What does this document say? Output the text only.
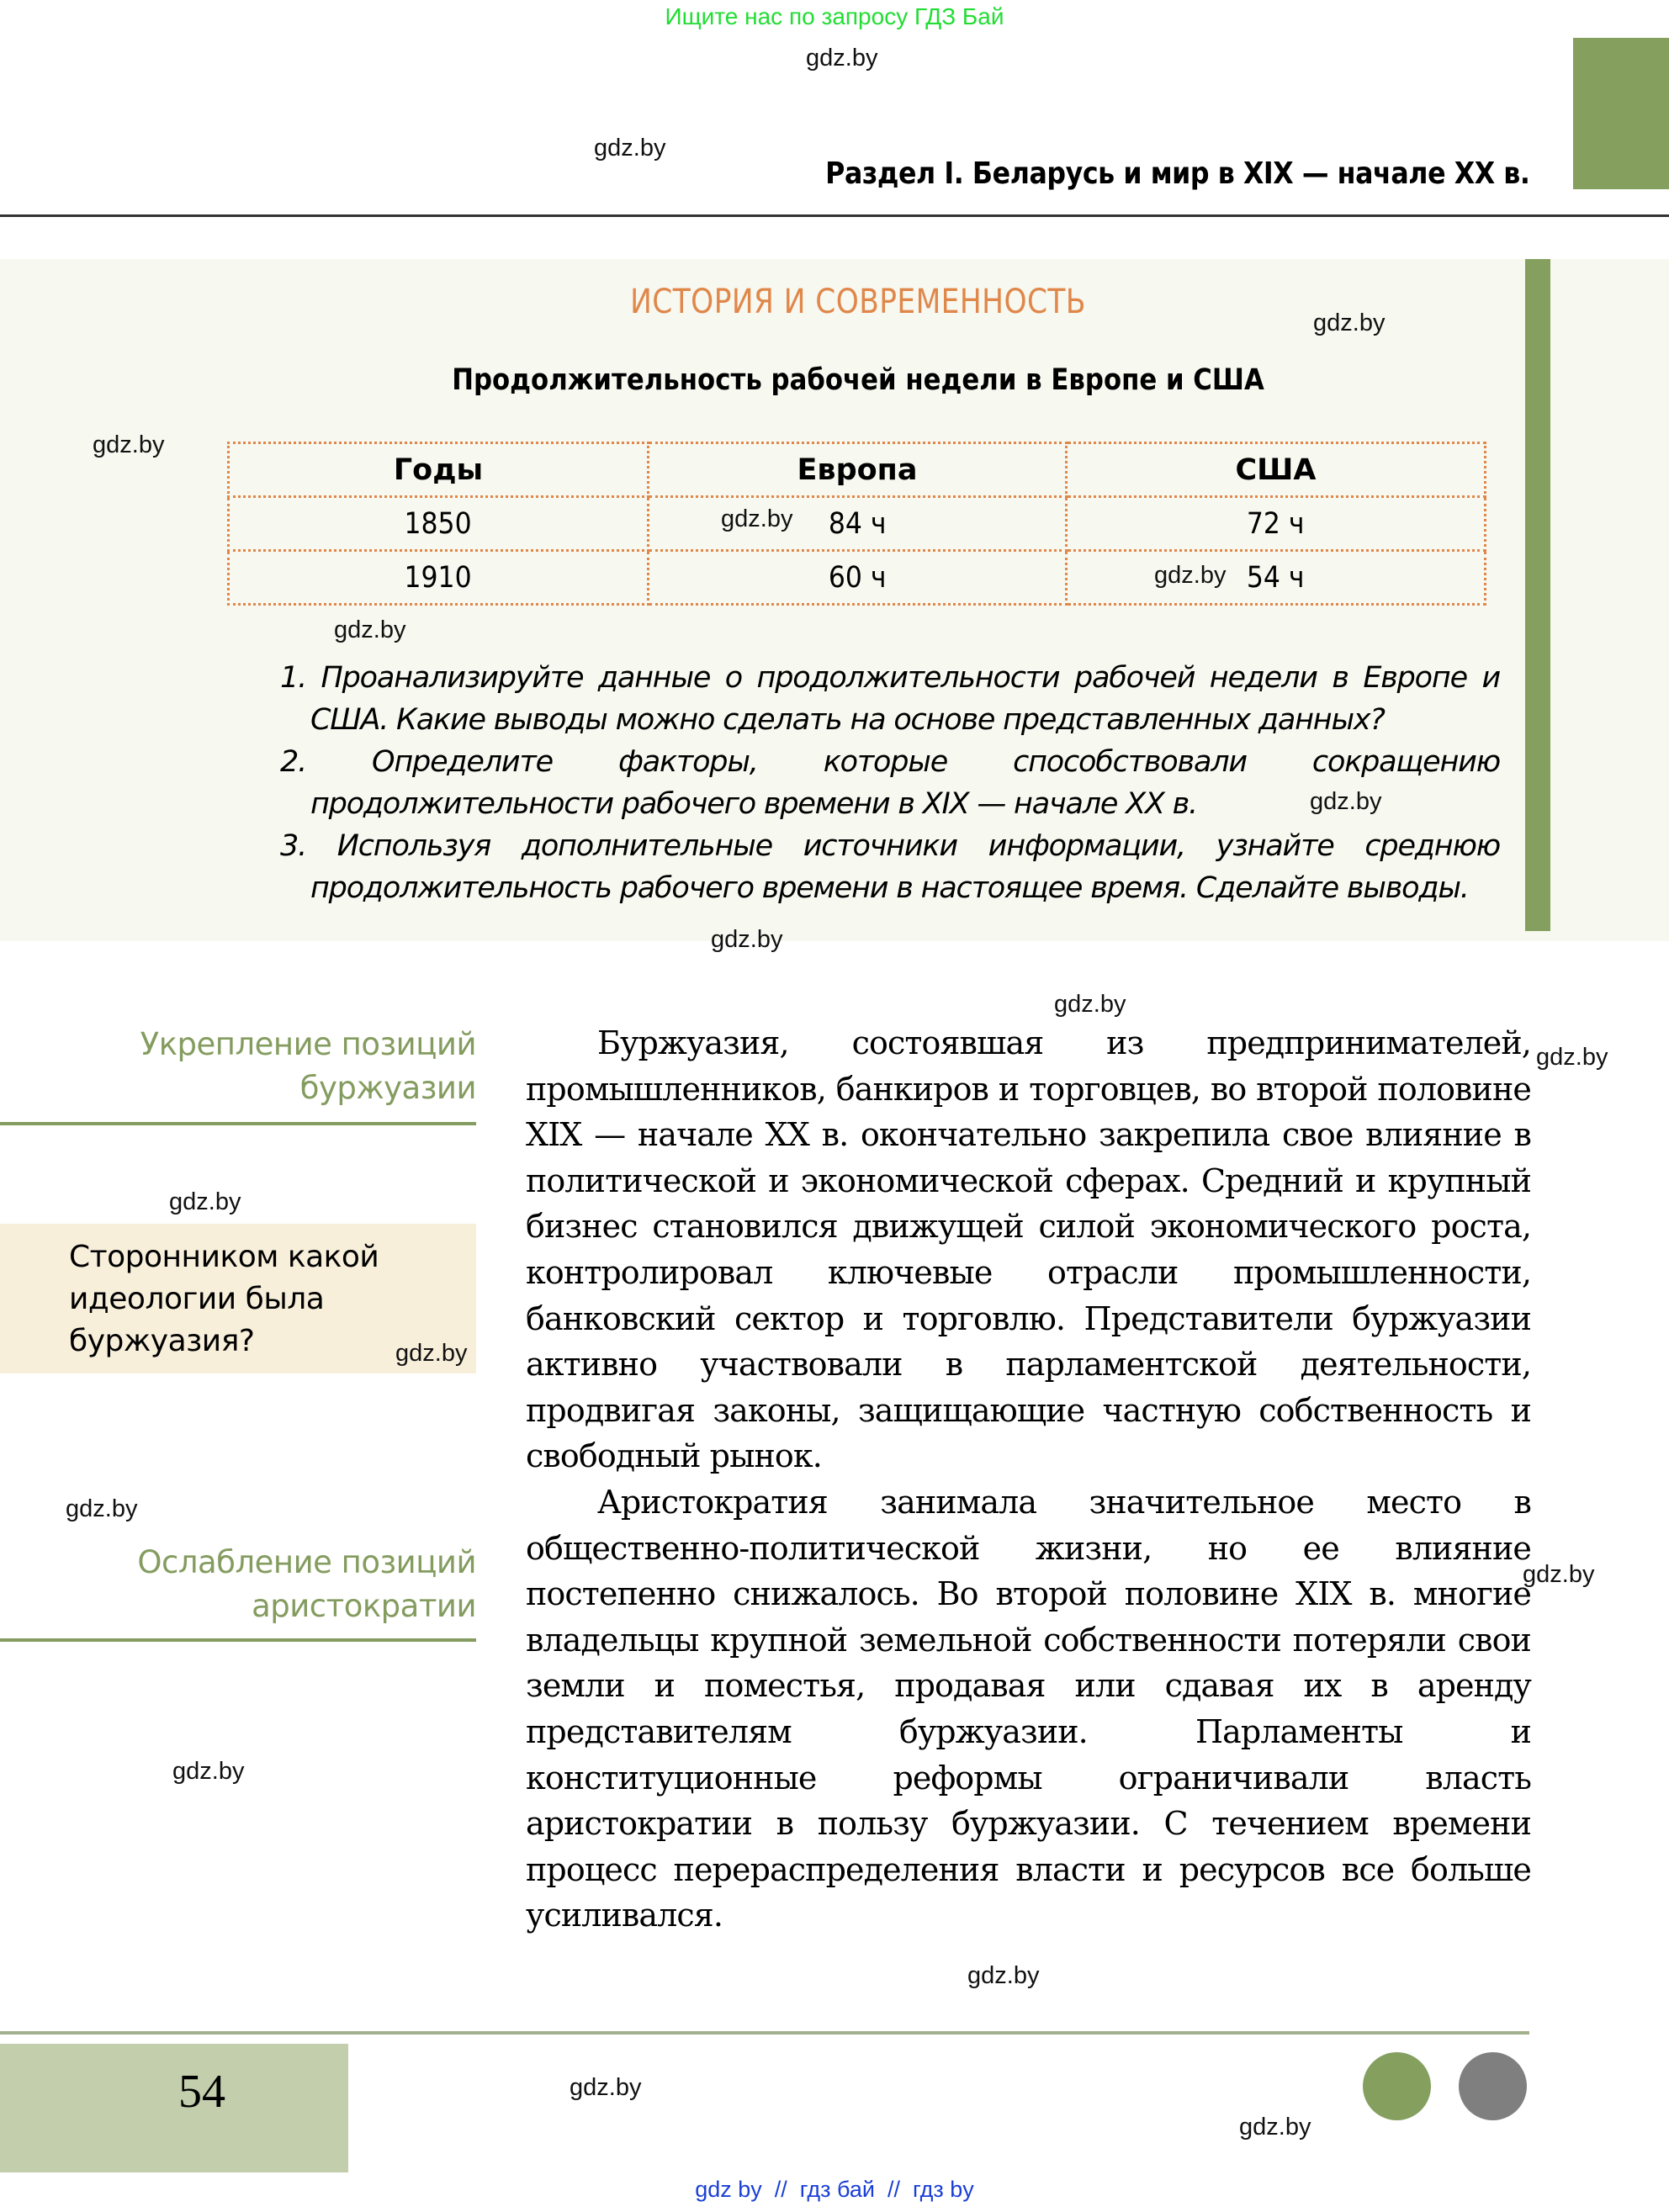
Ищите нас по запросу ГДЗ Бай
Раздел I. Беларусь и мир в XIX — начале XX в.
ИСТОРИЯ И СОВРЕМЕННОСТЬ
Продолжительность рабочей недели в Европе и США
Годы	Европа	США
1850	84 ч	72 ч
1910	60 ч	54 ч
1. Проанализируйте данные о продолжительности рабочей недели в Европе и США. Какие выводы можно сделать на основе представленных данных?
2. Определите факторы, которые способствовали сокращению продолжительности рабочего времени в XIX — начале XX в.
3. Используя дополнительные источники информации, узнайте среднюю продолжительность рабочего времени в настоящее время. Сделайте выводы.
Укрепление позиций
буржуазии
Сторонником какой идеологии была буржуазия?
Ослабление позиций
аристократии

Буржуазия, состоявшая из предпринимателей, промышленников, банкиров и торговцев, во второй половине XIX — начале XX в. окончательно закрепила свое влияние в политической и экономической сферах. Средний и крупный бизнес становился движущей силой экономического роста, контролировал ключевые отрасли промышленности, банковский сектор и торговлю. Представители буржуазии активно участвовали в парламентской деятельности, продвигая законы, защищающие частную собственность и свободный рынок.

Аристократия занимала значительное место в общественно-политической жизни, но ее влияние постепенно снижалось. Во второй половине XIX в. многие владельцы крупной земельной собственности потеряли свои земли и поместья, продавая или сдавая их в аренду представителям буржуазии. Парламенты и конституционные реформы ограничивали власть аристократии в пользу буржуазии. С течением времени процесс перераспределения власти и ресурсов все больше усиливался.

54
gdz by  //  гдз бай  //  гдз by
gdz.by
gdz.by
gdz.by
gdz.by
gdz.by
gdz.by
gdz.by
gdz.by
gdz.by
gdz.by
gdz.by
gdz.by
gdz.by
gdz.by
gdz.by
gdz.by
gdz.by
gdz.by
gdz.by
